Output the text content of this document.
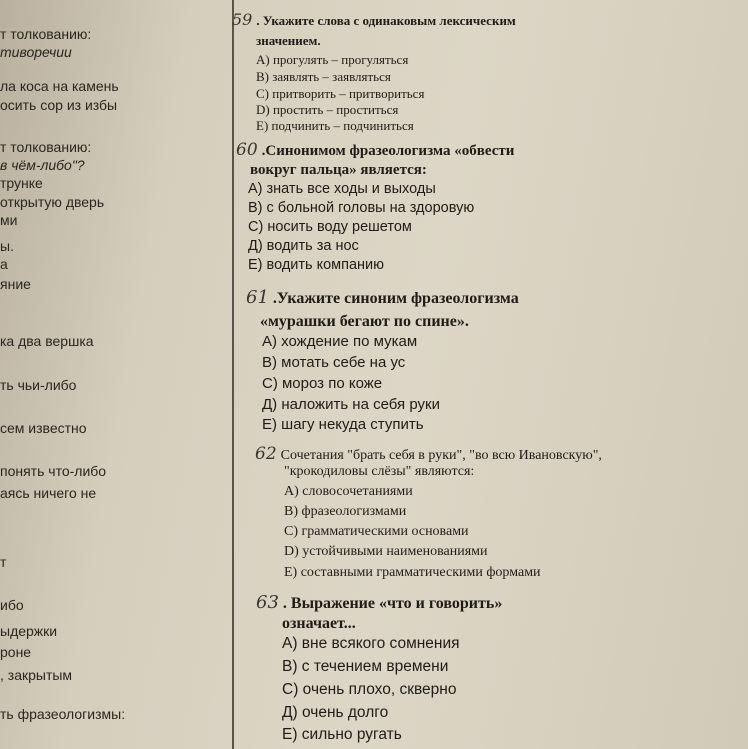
т толкованию:
тиворечии
ла коса на камень
осить сор из избы
т толкованию:
в чём-либо"?
трунке
открытую дверь
ми
ы.
а
яние
ка два вершка
ть чьи-либо
сем известно
понять что-либо
аясь ничего не
т
ибо
ыдержки
роне
, закрытым
ть фразеологизмы:
59 . Укажите слова с одинаковым лексическим
значением.
А) прогулять – прогуляться
В) заявлять – заявляться
С) притворить – притвориться
D) простить – проститься
Е) подчинить – подчиниться
60 .Синонимом фразеологизма «обвести
вокруг пальца» является:
А) знать все ходы и выходы
В) с больной головы на здоровую
С) носить воду решетом
Д) водить за нос
Е) водить компанию
61 .Укажите синоним фразеологизма
«мурашки бегают по спине».
А) хождение по мукам
В) мотать себе на ус
С) мороз по коже
Д) наложить на себя руки
Е) шагу некуда ступить
62 Сочетания "брать себя в руки", "во всю Ивановскую",
"крокодиловы слёзы" являются:
А) словосочетаниями
В) фразеологизмами
С) грамматическими основами
D) устойчивыми наименованиями
Е) составными грамматическими формами
63 . Выражение «что и говорить»
означает...
А) вне всякого сомнения
В) с течением времени
С) очень плохо, скверно
Д) очень долго
Е) сильно ругать
